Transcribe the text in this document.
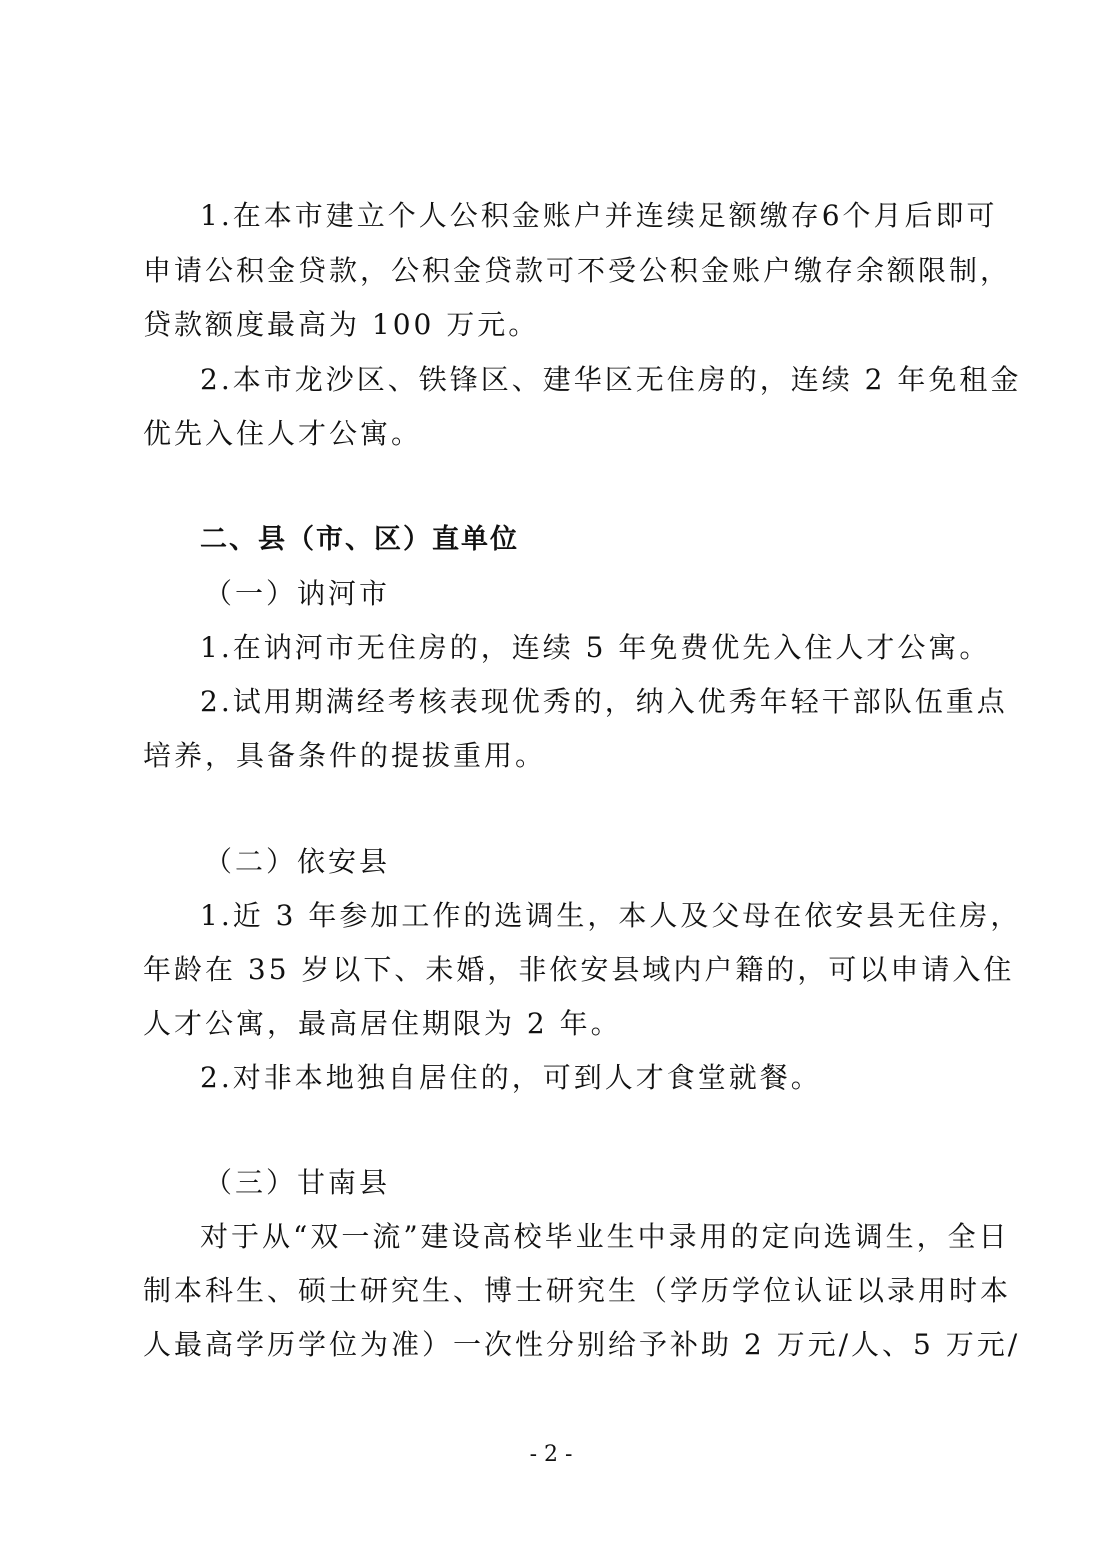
1.在本市建立个人公积金账户并连续足额缴存6个月后即可
申请公积金贷款，公积金贷款可不受公积金账户缴存余额限制，
贷款额度最高为 100 万元。
2.本市龙沙区、铁锋区、建华区无住房的，连续 2 年免租金
优先入住人才公寓。
二、县（市、区）直单位
（一）讷河市
1.在讷河市无住房的，连续 5 年免费优先入住人才公寓。
2.试用期满经考核表现优秀的，纳入优秀年轻干部队伍重点
培养，具备条件的提拔重用。
（二）依安县
1.近 3 年参加工作的选调生，本人及父母在依安县无住房，
年龄在 35 岁以下、未婚，非依安县域内户籍的，可以申请入住
人才公寓，最高居住期限为 2 年。
2.对非本地独自居住的，可到人才食堂就餐。
（三）甘南县
对于从“双一流”建设高校毕业生中录用的定向选调生，全日
制本科生、硕士研究生、博士研究生（学历学位认证以录用时本
人最高学历学位为准）一次性分别给予补助 2 万元/人、5 万元/
- 2 -
